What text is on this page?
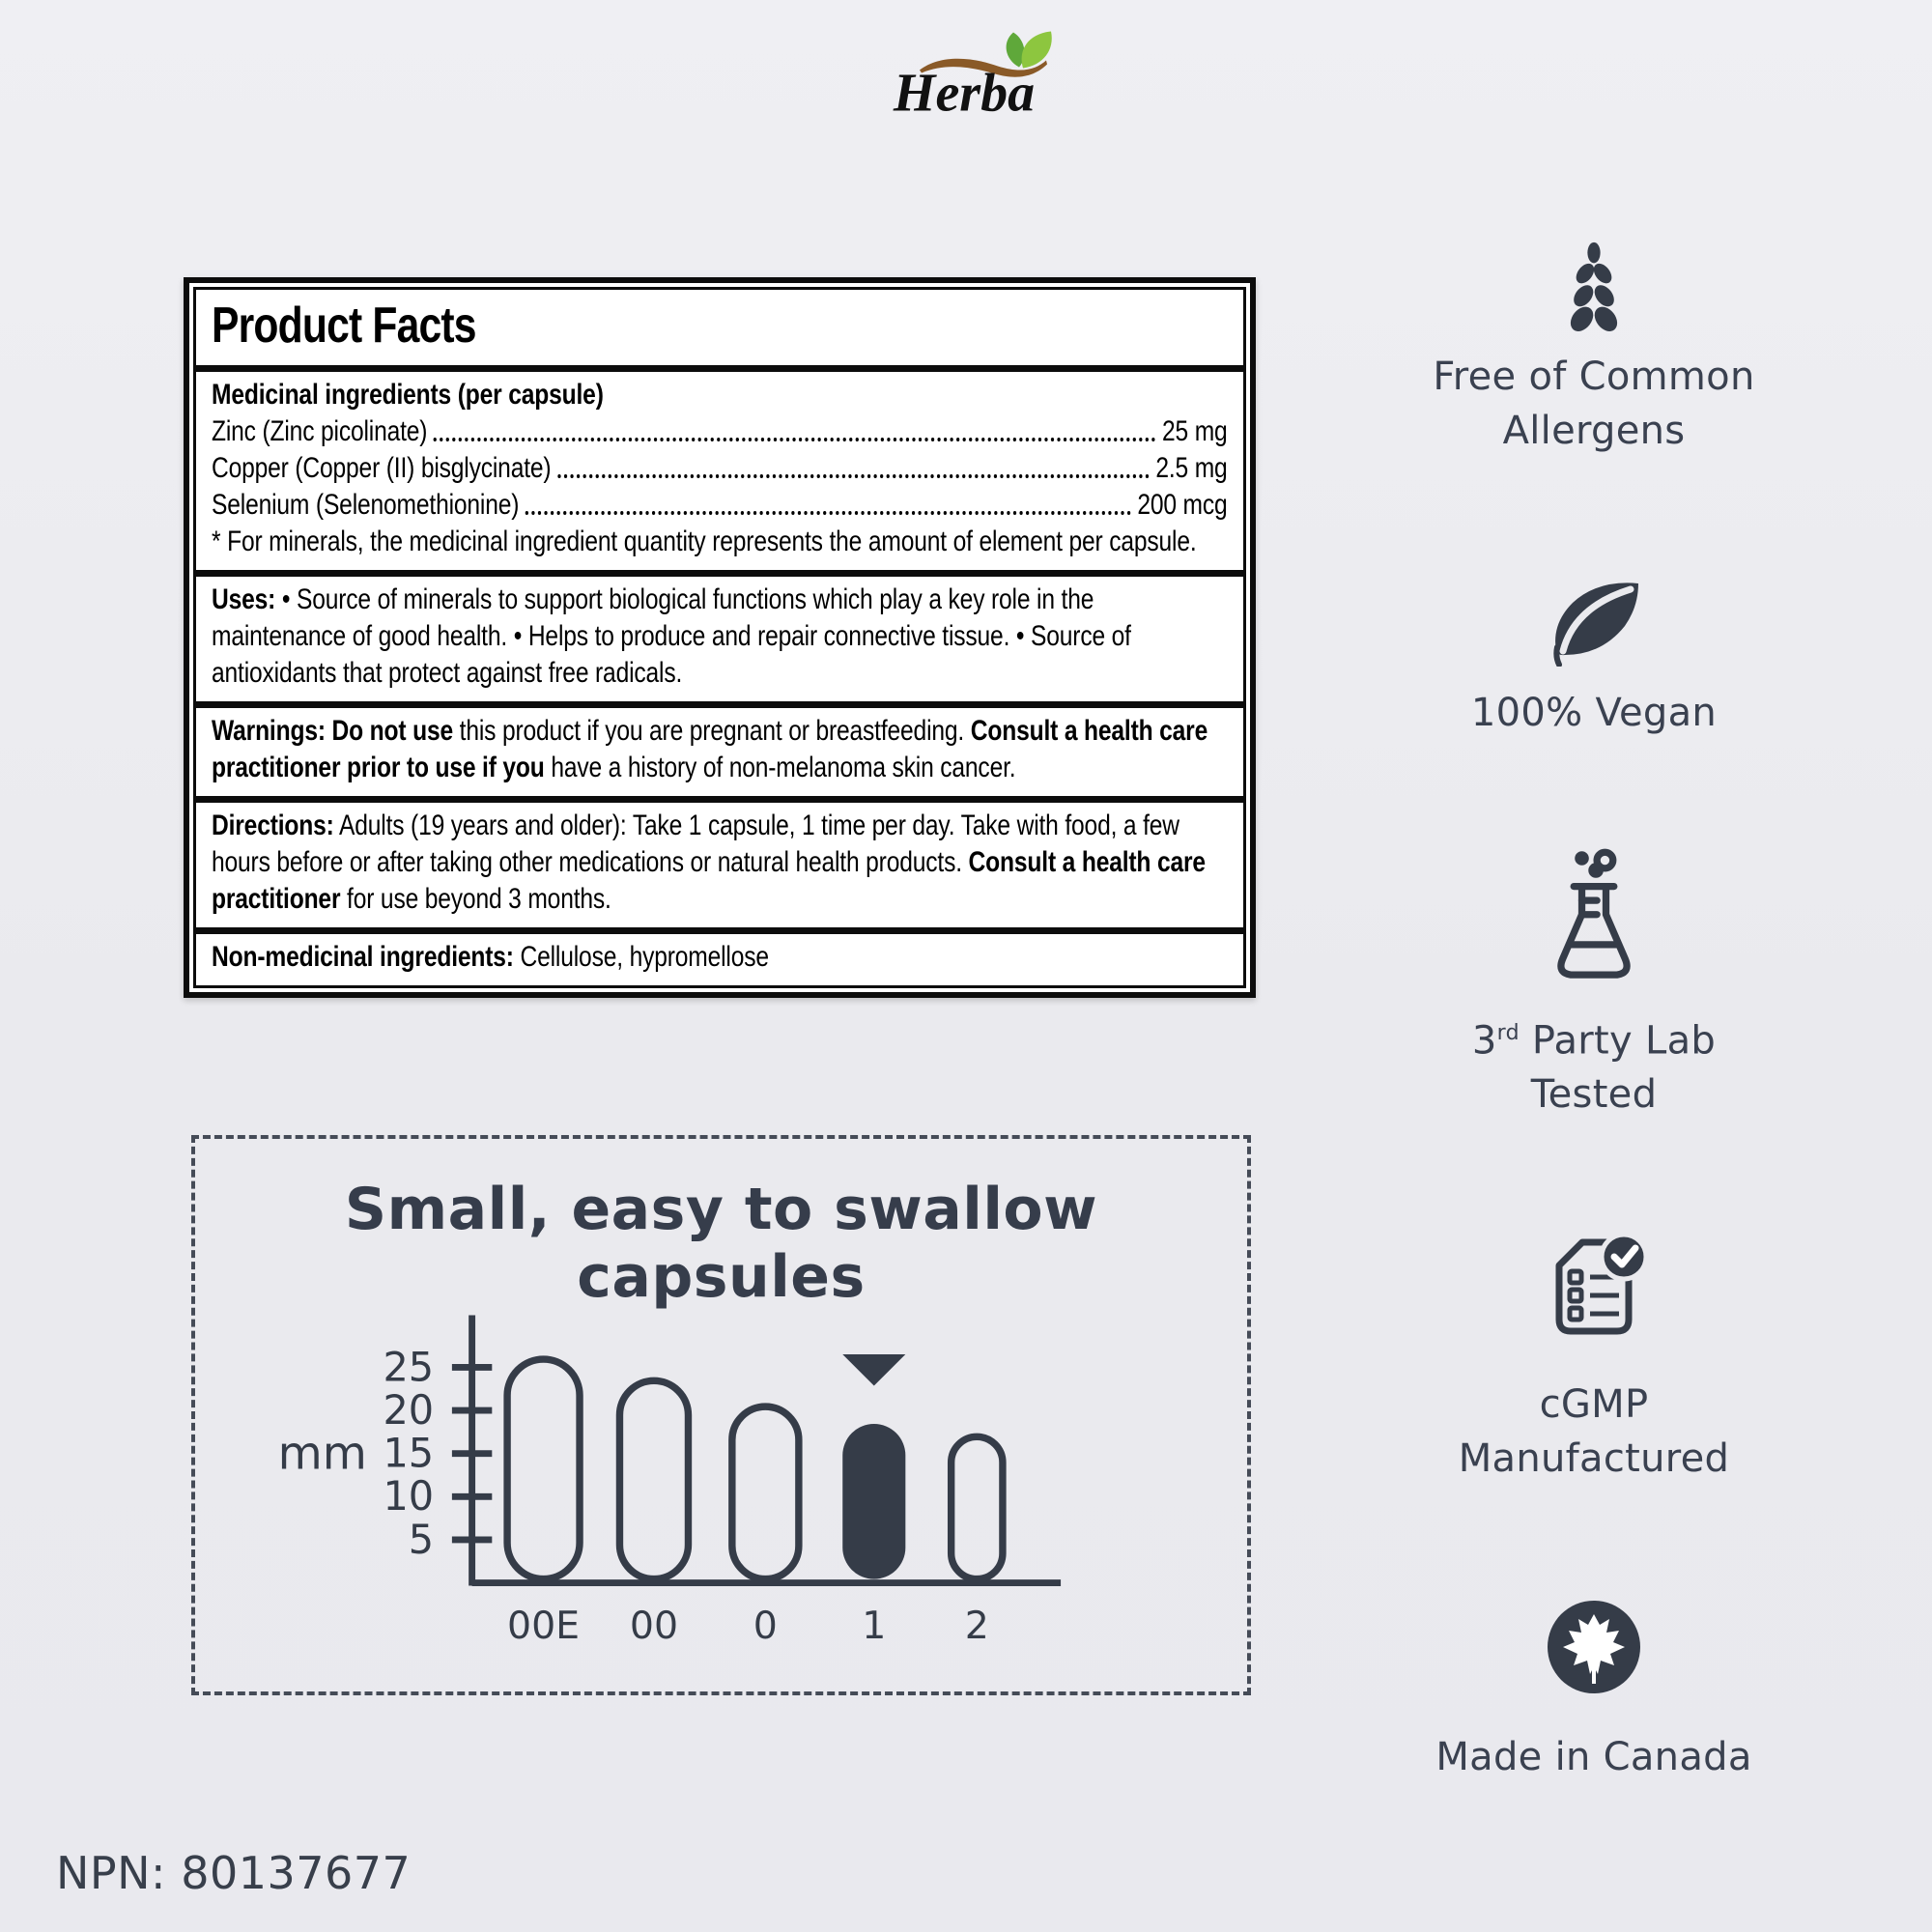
Herba
Product Facts

Medicinal ingredients (per capsule)

Zinc (Zinc picolinate)	25 mg
Copper (Copper (II) bisglycinate)	2.5 mg
Selenium (Selenomethionine)	200 mcg

* For minerals, the medicinal ingredient quantity represents the amount of element per capsule.

Uses: • Source of minerals to support biological functions which play a key role in the maintenance of good health. • Helps to produce and repair connective tissue. • Source of antioxidants that protect against free radicals.

Warnings: Do not use this product if you are pregnant or breastfeeding. Consult a health care practitioner prior to use if you have a history of non-melanoma skin cancer.

Directions: Adults (19 years and older): Take 1 capsule, 1 time per day. Take with food, a few hours before or after taking other medications or natural health products. Consult a health care practitioner for use beyond 3 months.

Non-medicinal ingredients: Cellulose, hypromellose

Small, easy to swallow capsules
5
10
15
20
25
mm
00E 00 0 1 2
Free of Common
Allergens
100% Vegan
3rd Party Lab
Tested
cGMP
Manufactured
Made in Canada
NPN: 80137677
